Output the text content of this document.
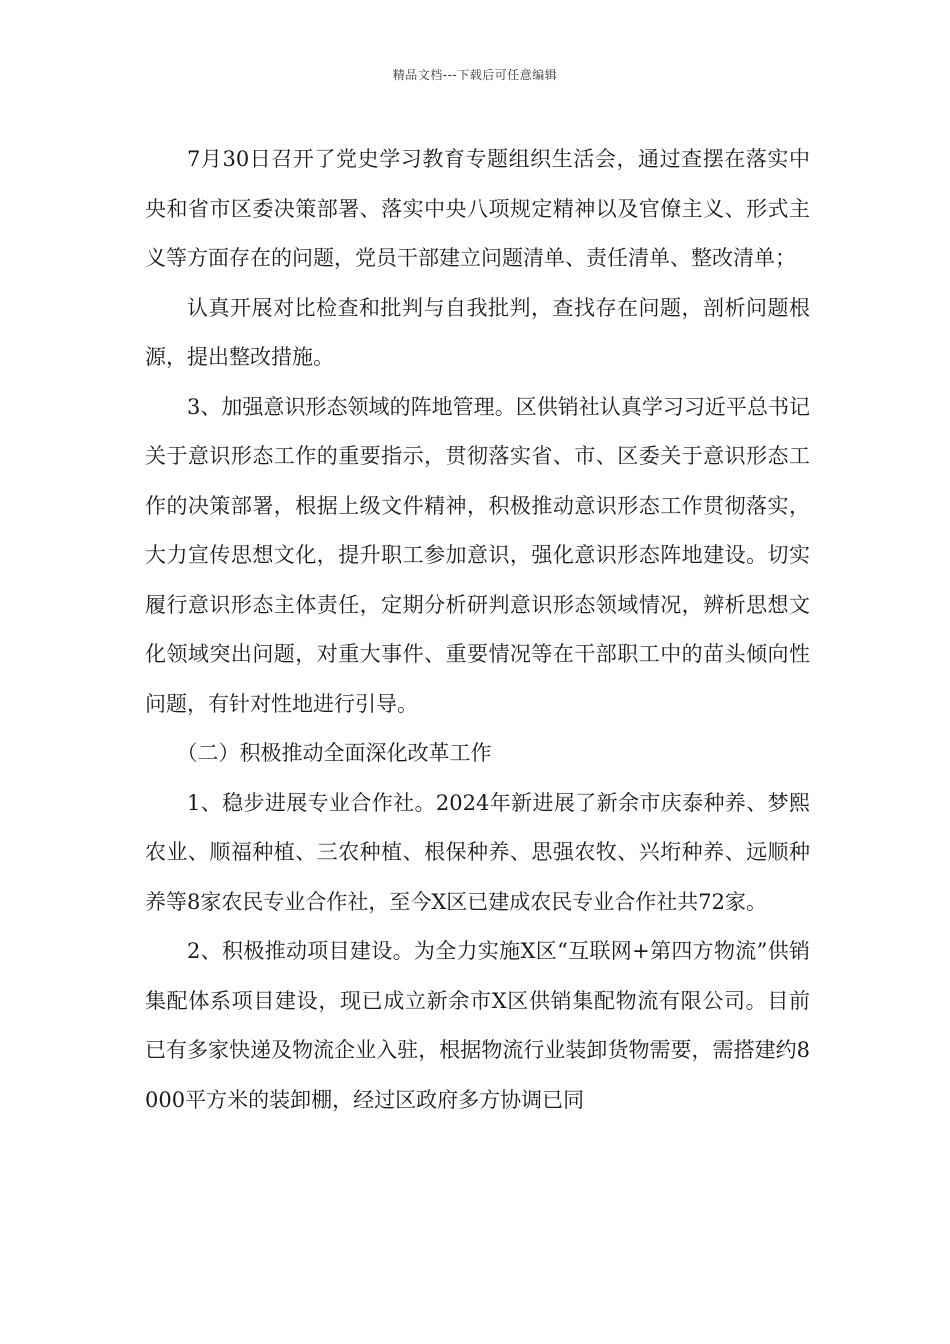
精品文档---下载后可任意编辑

7月30日召开了党史学习教育专题组织生活会，通过查摆在落实中央和省市区委决策部署、落实中央八项规定精神以及官僚主义、形式主义等方面存在的问题，党员干部建立问题清单、责任清单、整改清单；

认真开展对比检查和批判与自我批判，查找存在问题，剖析问题根源，提出整改措施。

3、加强意识形态领域的阵地管理。区供销社认真学习习近平总书记关于意识形态工作的重要指示，贯彻落实省、市、区委关于意识形态工作的决策部署，根据上级文件精神，积极推动意识形态工作贯彻落实，大力宣传思想文化，提升职工参加意识，强化意识形态阵地建设。切实履行意识形态主体责任，定期分析研判意识形态领域情况，辨析思想文化领域突出问题，对重大事件、重要情况等在干部职工中的苗头倾向性问题，有针对性地进行引导。

（二）积极推动全面深化改革工作

1、稳步进展专业合作社。2024年新进展了新余市庆泰种养、梦熙农业、顺福种植、三农种植、根保种养、思强农牧、兴垳种养、远顺种养等8家农民专业合作社，至今X区已建成农民专业合作社共72家。

2、积极推动项目建设。为全力实施X区“互联网+第四方物流”供销集配体系项目建设，现已成立新余市X区供销集配物流有限公司。目前已有多家快递及物流企业入驻，根据物流行业装卸货物需要，需搭建约8000平方米的装卸棚，经过区政府多方协调已同
